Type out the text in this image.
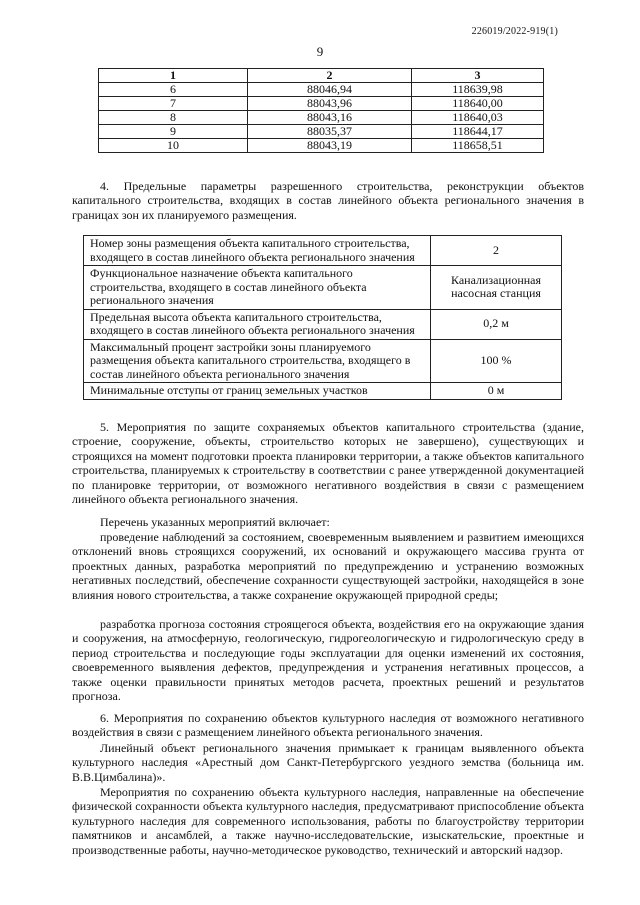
226019/2022-919(1)
9
1	2	3
6	88046,94	118639,98
7	88043,96	118640,00
8	88043,16	118640,03
9	88035,37	118644,17
10	88043,19	118658,51

4. Предельные параметры разрешенного строительства, реконструкции объектов капитального строительства, входящих в состав линейного объекта регионального значения в границах зон их планируемого размещения.

Номер зоны размещения объекта капитального строительства, входящего в состав линейного объекта регионального значения	2
Функциональное назначение объекта капитального строительства, входящего в состав линейного объекта регионального значения	Канализационная насосная станция
Предельная высота объекта капитального строительства, входящего в состав линейного объекта регионального значения	0,2 м
Максимальный процент застройки зоны планируемого размещения объекта капитального строительства, входящего в состав линейного объекта регионального значения	100 %
Минимальные отступы от границ земельных участков	0 м

5. Мероприятия по защите сохраняемых объектов капитального строительства (здание, строение, сооружение, объекты, строительство которых не завершено), существующих и строящихся на момент подготовки проекта планировки территории, а также объектов капитального строительства, планируемых к строительству в соответствии с ранее утвержденной документацией по планировке территории, от возможного негативного воздействия в связи с размещением линейного объекта регионального значения.

Перечень указанных мероприятий включает:

проведение наблюдений за состоянием, своевременным выявлением и развитием имеющихся отклонений вновь строящихся сооружений, их оснований и окружающего массива грунта от проектных данных, разработка мероприятий по предупреждению и устранению возможных негативных последствий, обеспечение сохранности существующей застройки, находящейся в зоне влияния нового строительства, а также сохранение окружающей природной среды;

разработка прогноза состояния строящегося объекта, воздействия его на окружающие здания и сооружения, на атмосферную, геологическую, гидрогеологическую и гидрологическую среду в период строительства и последующие годы эксплуатации для оценки изменений их состояния, своевременного выявления дефектов, предупреждения и устранения негативных процессов, а также оценки правильности принятых методов расчета, проектных решений и результатов прогноза.

6. Мероприятия по сохранению объектов культурного наследия от возможного негативного воздействия в связи с размещением линейного объекта регионального значения.

Линейный объект регионального значения примыкает к границам выявленного объекта культурного наследия «Арестный дом Санкт-Петербургского уездного земства (больница им. В.В.Цимбалина)».

Мероприятия по сохранению объекта культурного наследия, направленные на обеспечение физической сохранности объекта культурного наследия, предусматривают приспособление объекта культурного наследия для современного использования, работы по благоустройству территории памятников и ансамблей, а также научно-исследовательские, изыскательские, проектные и производственные работы, научно-методическое руководство, технический и авторский надзор.
